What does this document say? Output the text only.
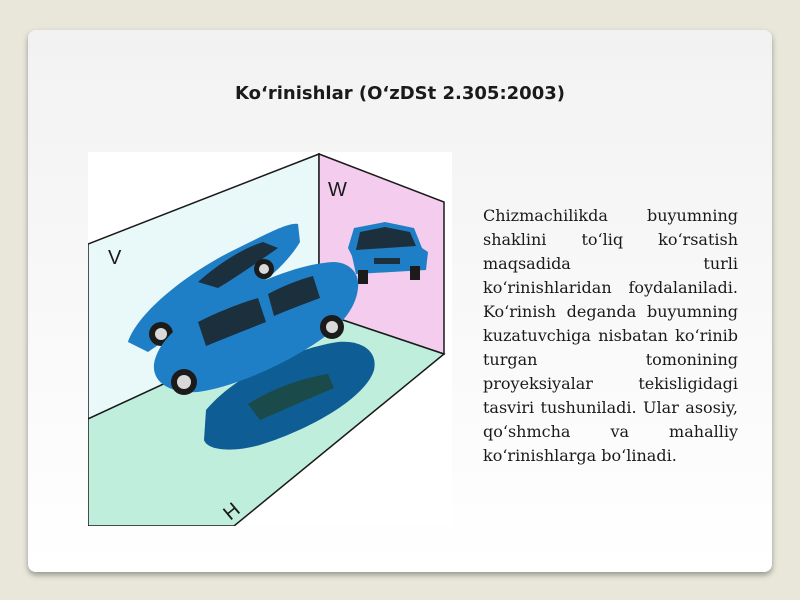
Koʻrinishlar (OʻzDSt 2.305:2003)
V
W
H

Chizmachilikda buyumning shaklini toʻliq koʻrsatish maqsadida turli koʻrinishlaridan foydalaniladi. Koʻrinish deganda buyumning kuzatuvchiga nisbatan koʻrinib turgan tomonining proyeksiyalar tekisligidagi tasviri tushuniladi. Ular asosiy, qoʻshmcha va mahalliy koʻrinishlarga boʻlinadi.
